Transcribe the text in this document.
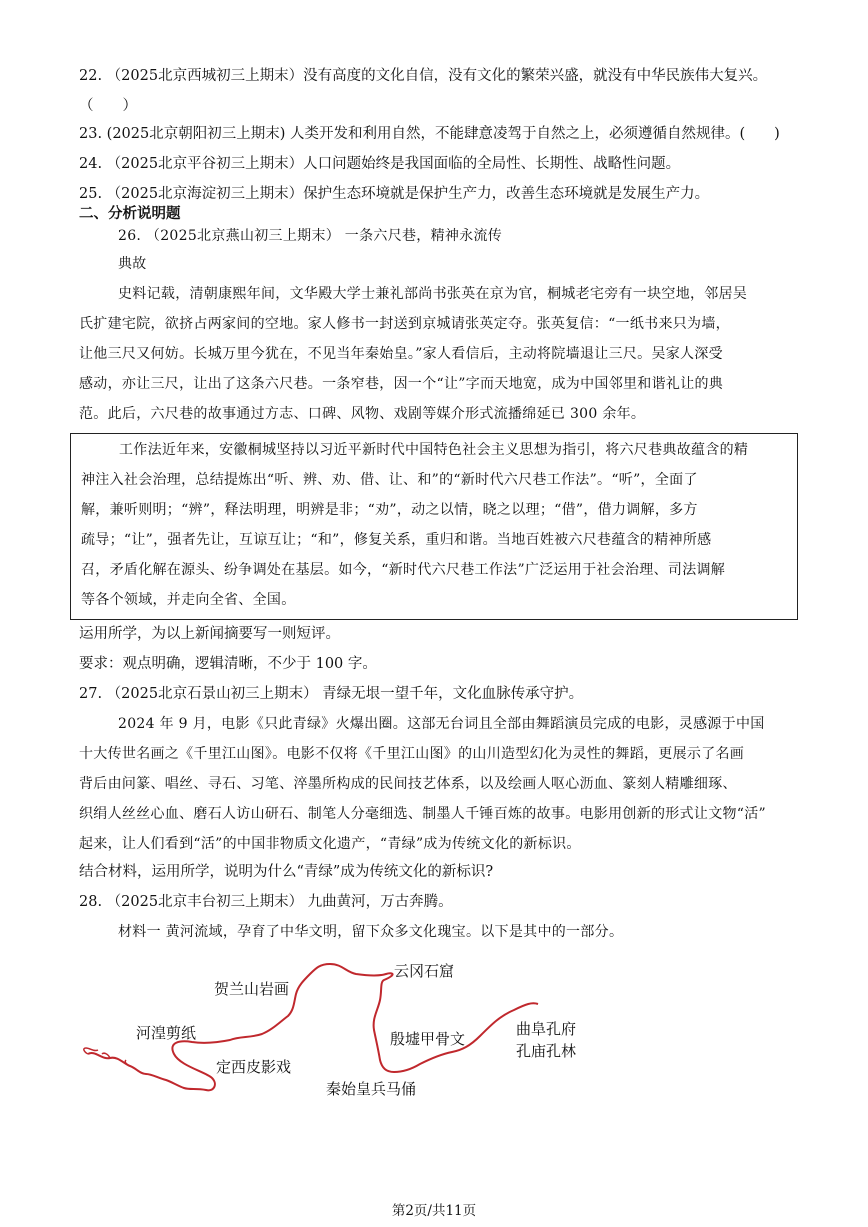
22. （2025北京西城初三上期末）没有高度的文化自信，没有文化的繁荣兴盛，就没有中华民族伟大复兴。
（　　）
23. (2025北京朝阳初三上期末) 人类开发和利用自然，不能肆意凌驾于自然之上，必须遵循自然规律。(　　)
24. （2025北京平谷初三上期末）人口问题始终是我国面临的全局性、长期性、战略性问题。
25. （2025北京海淀初三上期末）保护生态环境就是保护生产力，改善生态环境就是发展生产力。
二、分析说明题
26. （2025北京燕山初三上期末） 一条六尺巷，精神永流传
典故
史料记载，清朝康熙年间，文华殿大学士兼礼部尚书张英在京为官，桐城老宅旁有一块空地，邻居吴
氏扩建宅院，欲挤占两家间的空地。家人修书一封送到京城请张英定夺。张英复信：“一纸书来只为墙，
让他三尺又何妨。长城万里今犹在，不见当年秦始皇。”家人看信后，主动将院墙退让三尺。吴家人深受
感动，亦让三尺，让出了这条六尺巷。一条窄巷，因一个“让”字而天地宽，成为中国邻里和谐礼让的典
范。此后，六尺巷的故事通过方志、口碑、风物、戏剧等媒介形式流播绵延已 300 余年。
工作法近年来，安徽桐城坚持以习近平新时代中国特色社会主义思想为指引，将六尺巷典故蕴含的精
神注入社会治理，总结提炼出“听、辨、劝、借、让、和”的“新时代六尺巷工作法”。“听”，全面了
解，兼听则明；“辨”，释法明理，明辨是非；“劝”，动之以情，晓之以理；“借”，借力调解，多方
疏导；“让”，强者先让，互谅互让；“和”，修复关系，重归和谐。当地百姓被六尺巷蕴含的精神所感
召，矛盾化解在源头、纷争调处在基层。如今，“新时代六尺巷工作法”广泛运用于社会治理、司法调解
等各个领域，并走向全省、全国。
运用所学，为以上新闻摘要写一则短评。
要求：观点明确，逻辑清晰，不少于 100 字。
27. （2025北京石景山初三上期末） 青绿无垠一望千年，文化血脉传承守护。
2024 年 9 月，电影《只此青绿》火爆出圈。这部无台词且全部由舞蹈演员完成的电影，灵感源于中国
十大传世名画之《千里江山图》。电影不仅将《千里江山图》的山川造型幻化为灵性的舞蹈，更展示了名画
背后由问篆、唱丝、寻石、习笔、淬墨所构成的民间技艺体系，以及绘画人呕心沥血、篆刻人精雕细琢、
织绢人丝丝心血、磨石人访山研石、制笔人分毫细选、制墨人千锤百炼的故事。电影用创新的形式让文物“活”
起来，让人们看到“活”的中国非物质文化遗产，“青绿”成为传统文化的新标识。
结合材料，运用所学，说明为什么“青绿”成为传统文化的新标识?
28. （2025北京丰台初三上期末） 九曲黄河，万古奔腾。
材料一 黄河流域，孕育了中华文明，留下众多文化瑰宝。以下是其中的一部分。
贺兰山岩画
云冈石窟
河湟剪纸
定西皮影戏
殷墟甲骨文
曲阜孔府
孔庙孔林
秦始皇兵马俑
第2页/共11页
